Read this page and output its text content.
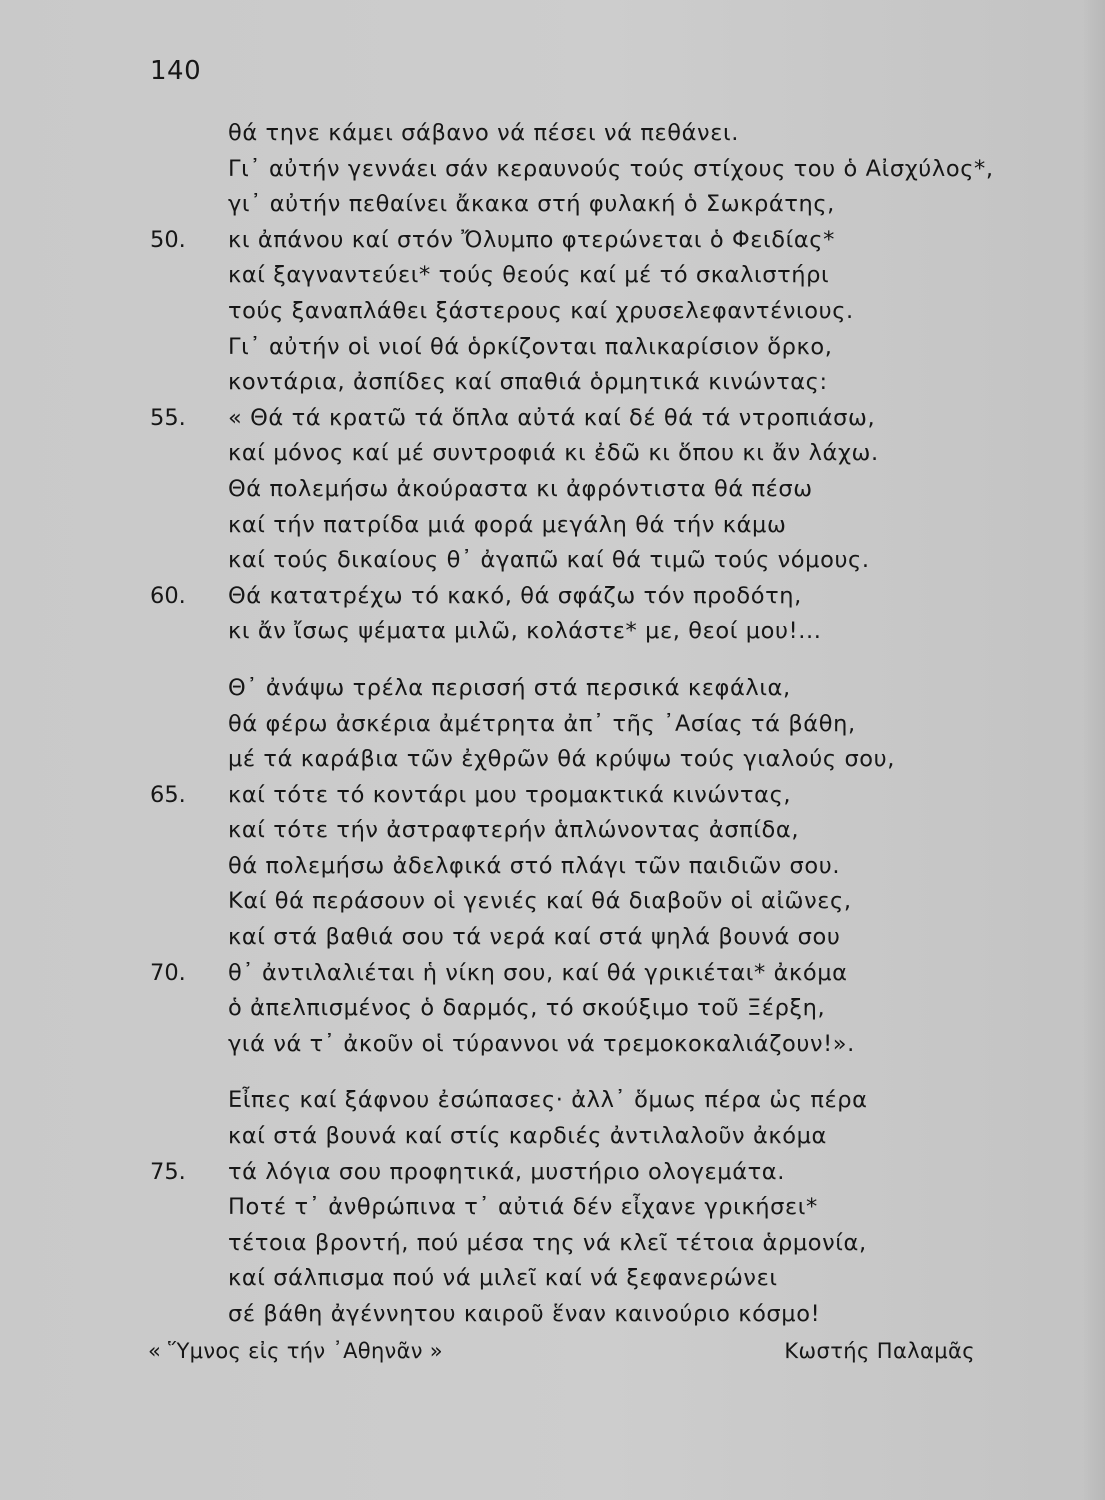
140
θά τηνε κάμει σάβανο νά πέσει νά πεθάνει.
Γι᾿ αὐτήν γεννάει σάν κεραυνούς τούς στίχους του ὁ Αἰσχύλος*,
γι᾿ αὐτήν πεθαίνει ἄκακα στή φυλακή ὁ Σωκράτης,
50.	κι ἀπάνου καί στόν Ὄλυμπο φτερώνεται ὁ Φειδίας*
καί ξαγναντεύει* τούς θεούς καί μέ τό σκαλιστήρι
τούς ξαναπλάθει ξάστερους καί χρυσελεφαντένιους.
Γι᾿ αὐτήν οἱ νιοί θά ὁρκίζονται παλικαρίσιον ὅρκο,
κοντάρια, ἀσπίδες καί σπαθιά ὁρμητικά κινώντας:
55.	« Θά τά κρατῶ τά ὅπλα αὐτά καί δέ θά τά ντροπιάσω,
καί μόνος καί μέ συντροφιά κι ἐδῶ κι ὅπου κι ἄν λάχω.
Θά πολεμήσω ἀκούραστα κι ἀφρόντιστα θά πέσω
καί τήν πατρίδα μιά φορά μεγάλη θά τήν κάμω
καί τούς δικαίους θ᾿ ἀγαπῶ καί θά τιμῶ τούς νόμους.
60.	Θά κατατρέχω τό κακό, θά σφάζω τόν προδότη,
κι ἄν ἴσως ψέματα μιλῶ, κολάστε* με, θεοί μου!...
Θ᾿ ἀνάψω τρέλα περισσή στά περσικά κεφάλια,
θά φέρω ἀσκέρια ἀμέτρητα ἀπ᾿ τῆς ᾿Ασίας τά βάθη,
μέ τά καράβια τῶν ἐχθρῶν θά κρύψω τούς γιαλούς σου,
65.	καί τότε τό κοντάρι μου τρομακτικά κινώντας,
καί τότε τήν ἀστραφτερήν ἁπλώνοντας ἀσπίδα,
θά πολεμήσω ἀδελφικά στό πλάγι τῶν παιδιῶν σου.
Καί θά περάσουν οἱ γενιές καί θά διαβοῦν οἱ αἰῶνες,
καί στά βαθιά σου τά νερά καί στά ψηλά βουνά σου
70.	θ᾿ ἀντιλαλιέται ἡ νίκη σου, καί θά γρικιέται* ἀκόμα
ὁ ἀπελπισμένος ὁ δαρμός, τό σκούξιμο τοῦ Ξέρξη,
γιά νά τ᾿ ἀκοῦν οἱ τύραννοι νά τρεμοκοκαλιάζουν!».
Εἶπες καί ξάφνου ἐσώπασες· ἀλλ᾿ ὅμως πέρα ὡς πέρα
καί στά βουνά καί στίς καρδιές ἀντιλαλοῦν ἀκόμα
75.	τά λόγια σου προφητικά, μυστήριο ολογεμάτα.
Ποτέ τ᾿ ἀνθρώπινα τ᾿ αὐτιά δέν εἶχανε γρικήσει*
τέτοια βροντή, πού μέσα της νά κλεῖ τέτοια ἁρμονία,
καί σάλπισμα πού νά μιλεῖ καί νά ξεφανερώνει
σέ βάθη ἀγέννητου καιροῦ ἕναν καινούριο κόσμο!
« Ὕμνος εἰς τήν ᾿Αθηνᾶν »	Κωστής Παλαμᾶς
